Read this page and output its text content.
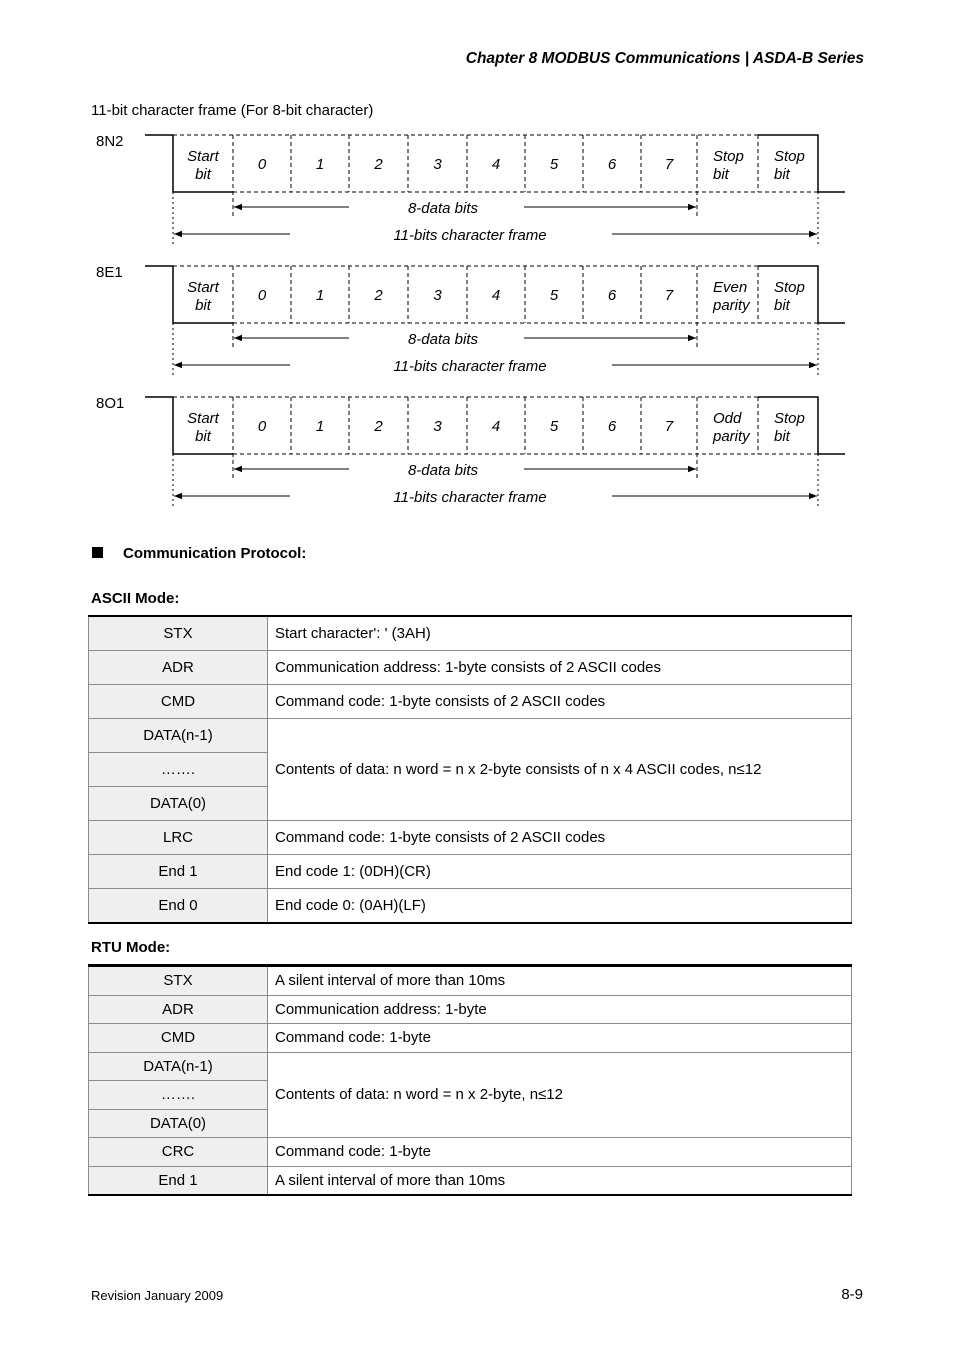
Chapter 8 MODBUS Communications | ASDA-B Series
11-bit character frame (For 8-bit character)
8N2
Start bit
0	1	2	3	4	5	6	7	Stop bit
Stop bit
8-data bits
11-bits character frame
8E1
Start bit
0	1	2	3	4	5	6	7	Even parity
Stop bit
8-data bits
11-bits character frame
8O1
Start bit
0	1	2	3	4	5	6	7	Odd parity
Stop bit
8-data bits
11-bits character frame
Communication Protocol:
ASCII Mode:
STX	Start character': ' (3AH)
ADR	Communication address: 1-byte consists of 2 ASCII codes
CMD	Command code: 1-byte consists of 2 ASCII codes
DATA(n-1)	Contents of data: n word = n x 2-byte consists of n x 4 ASCII codes, n≤12
…….	
DATA(0)	
LRC	Command code: 1-byte consists of 2 ASCII codes
End 1	End code 1: (0DH)(CR)
End 0	End code 0: (0AH)(LF)
RTU Mode:
STX	A silent interval of more than 10ms
ADR	Communication address: 1-byte
CMD	Command code: 1-byte
DATA(n-1)	Contents of data: n word = n x 2-byte, n≤12
…….	
DATA(0)	
CRC	Command code: 1-byte
End 1	A silent interval of more than 10ms
Revision January 2009	8-9
